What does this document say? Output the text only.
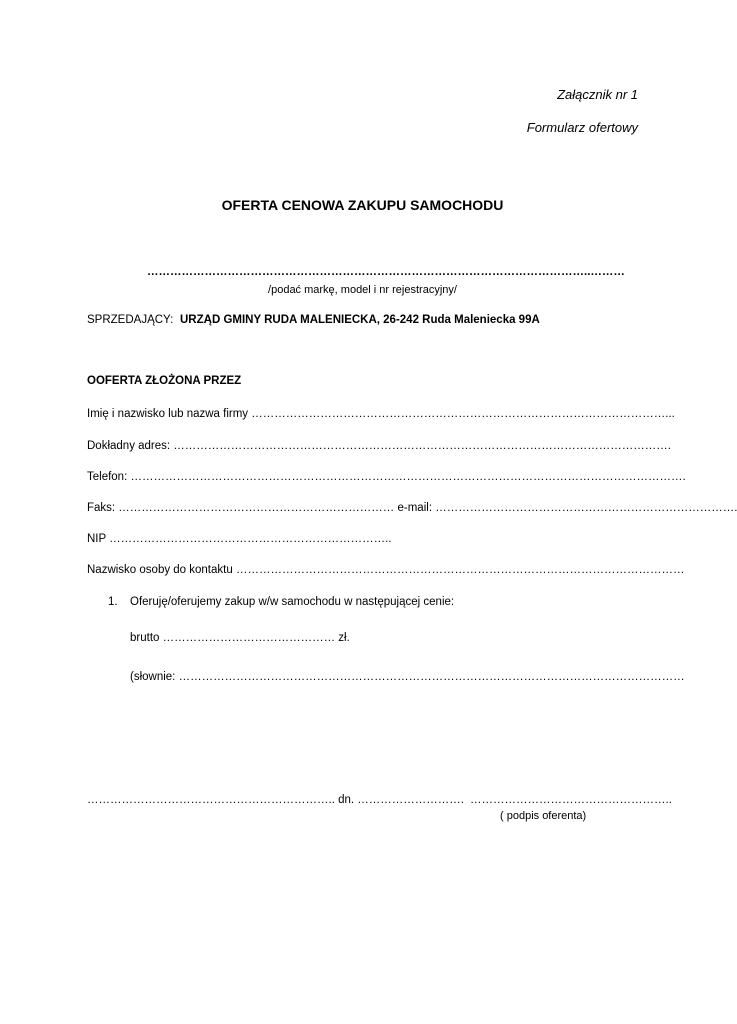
Załącznik nr 1
Formularz ofertowy
OFERTA CENOWA ZAKUPU SAMOCHODU
……………………………………………………………………………………………………..………
/podać markę, model i nr rejestracyjny/
SPRZEDAJĄCY: URZĄD GMINY RUDA MALENIECKA, 26-242 Ruda Maleniecka 99A
OOFERTA ZŁOŻONA PRZEZ
Imię i nazwisko lub nazwa firmy ………………………………………………………………………………………………...
Dokładny adres: ………………………………………………………………………………………………………………….
Telefon: ……………………………………………………………………………………………………………………………….
Faks: ……………………………………………………………… e-mail: …………………………………………………………………….
NIP ………………………………………………………………..
Nazwisko osoby do kontaktu ………………………………………………………………………………………………………
1. Oferuję/oferujemy zakup w/w samochodu w następującej cenie:
brutto ……………………………………… zł.
(słownie: ……………………………………………………………………………………………………………………
……………………………………………………….. dn. ………………………. ……………………………………………..
( podpis oferenta)
